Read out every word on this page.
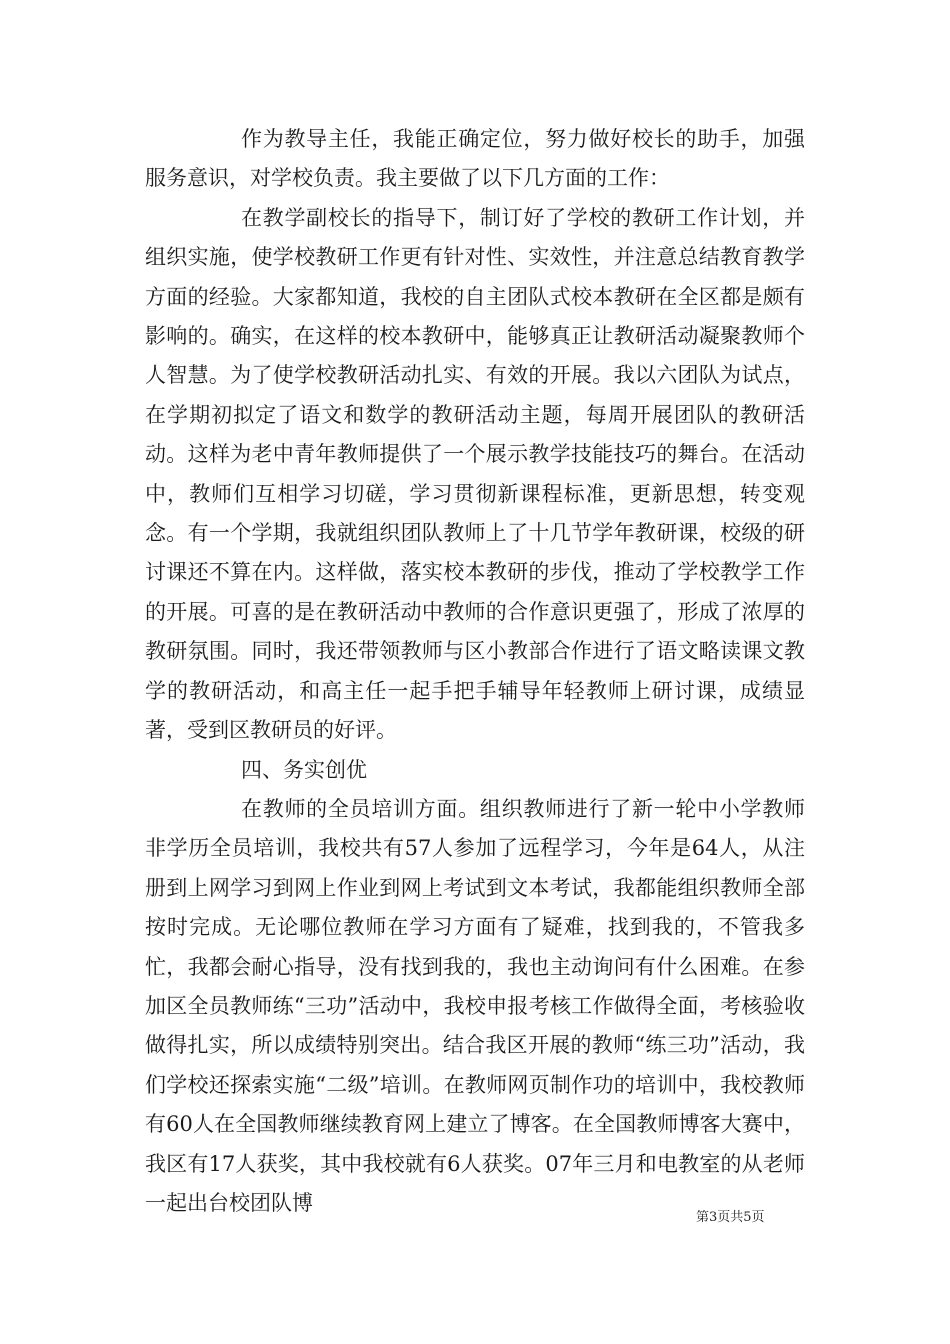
作为教导主任，我能正确定位，努力做好校长的助手，加强服务意识，对学校负责。我主要做了以下几方面的工作：

在教学副校长的指导下，制订好了学校的教研工作计划，并组织实施，使学校教研工作更有针对性、实效性，并注意总结教育教学方面的经验。大家都知道，我校的自主团队式校本教研在全区都是颇有影响的。确实，在这样的校本教研中，能够真正让教研活动凝聚教师个人智慧。为了使学校教研活动扎实、有效的开展。我以六团队为试点，在学期初拟定了语文和数学的教研活动主题，每周开展团队的教研活动。这样为老中青年教师提供了一个展示教学技能技巧的舞台。在活动中，教师们互相学习切磋，学习贯彻新课程标准，更新思想，转变观念。有一个学期，我就组织团队教师上了十几节学年教研课，校级的研讨课还不算在内。这样做，落实校本教研的步伐，推动了学校教学工作的开展。可喜的是在教研活动中教师的合作意识更强了，形成了浓厚的教研氛围。同时，我还带领教师与区小教部合作进行了语文略读课文教学的教研活动，和高主任一起手把手辅导年轻教师上研讨课，成绩显著，受到区教研员的好评。

四、务实创优

在教师的全员培训方面。组织教师进行了新一轮中小学教师非学历全员培训，我校共有57人参加了远程学习，今年是64人，从注册到上网学习到网上作业到网上考试到文本考试，我都能组织教师全部按时完成。无论哪位教师在学习方面有了疑难，找到我的，不管我多忙，我都会耐心指导，没有找到我的，我也主动询问有什么困难。在参加区全员教师练“三功”活动中，我校申报考核工作做得全面，考核验收做得扎实，所以成绩特别突出。结合我区开展的教师“练三功”活动，我们学校还探索实施“二级”培训。在教师网页制作功的培训中，我校教师有60人在全国教师继续教育网上建立了博客。在全国教师博客大赛中，我区有17人获奖，其中我校就有6人获奖。07年三月和电教室的从老师一起出台校团队博

第3页共5页
